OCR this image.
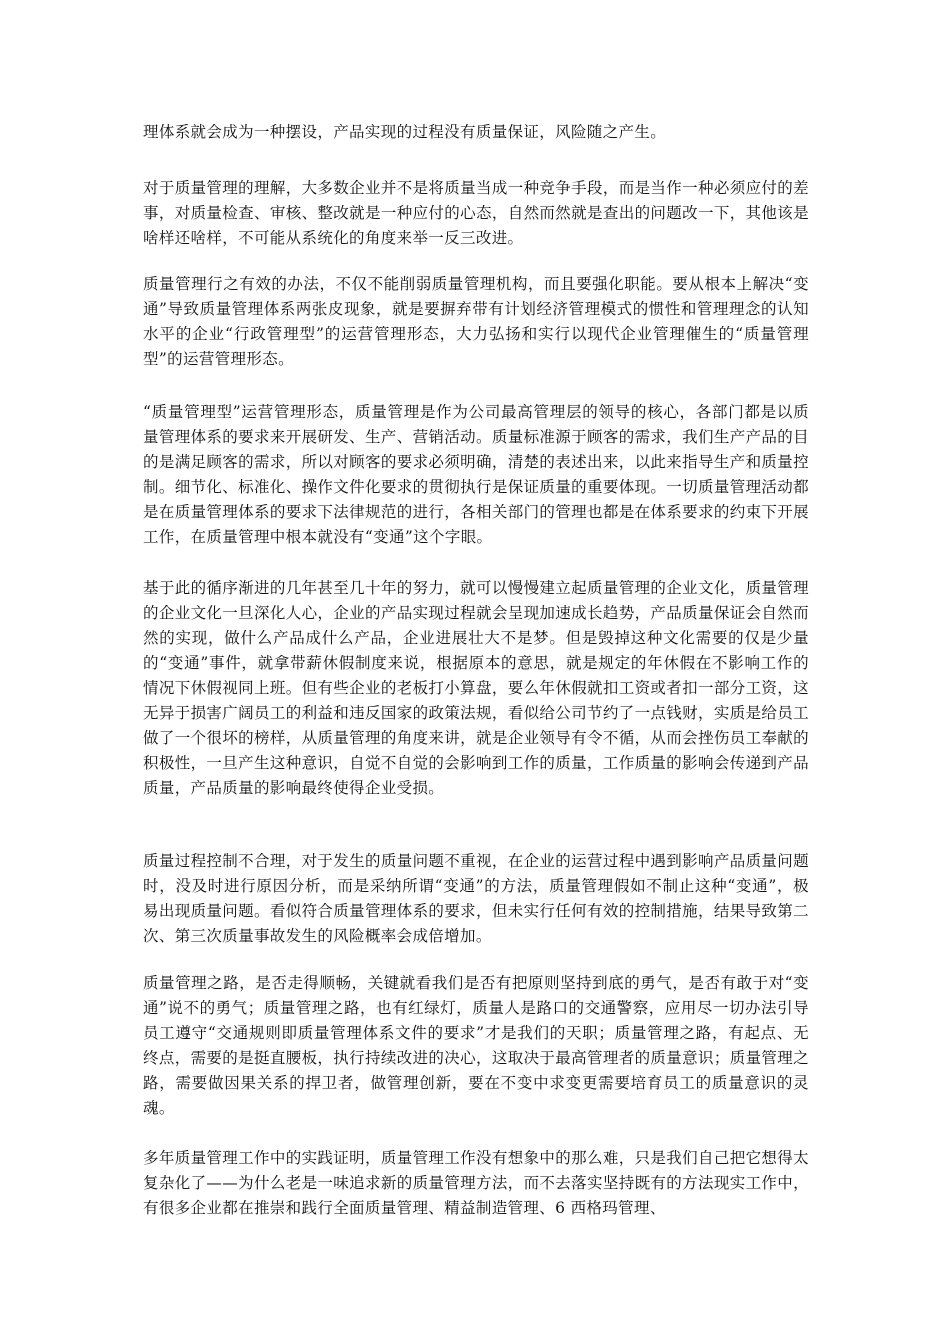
理体系就会成为一种摆设，产品实现的过程没有质量保证，风险随之产生。

对于质量管理的理解，大多数企业并不是将质量当成一种竞争手段，而是当作一种必须应付的差事，对质量检查、审核、整改就是一种应付的心态，自然而然就是查出的问题改一下，其他该是啥样还啥样，不可能从系统化的角度来举一反三改进。

质量管理行之有效的办法，不仅不能削弱质量管理机构，而且要强化职能。要从根本上解决“变通”导致质量管理体系两张皮现象，就是要摒弃带有计划经济管理模式的惯性和管理理念的认知水平的企业“行政管理型”的运营管理形态，大力弘扬和实行以现代企业管理催生的“质量管理型”的运营管理形态。

“质量管理型”运营管理形态，质量管理是作为公司最高管理层的领导的核心，各部门都是以质量管理体系的要求来开展研发、生产、营销活动。质量标准源于顾客的需求，我们生产产品的目的是满足顾客的需求，所以对顾客的要求必须明确，清楚的表述出来，以此来指导生产和质量控制。细节化、标准化、操作文件化要求的贯彻执行是保证质量的重要体现。一切质量管理活动都是在质量管理体系的要求下法律规范的进行，各相关部门的管理也都是在体系要求的约束下开展工作，在质量管理中根本就没有“变通”这个字眼。

基于此的循序渐进的几年甚至几十年的努力，就可以慢慢建立起质量管理的企业文化，质量管理的企业文化一旦深化人心，企业的产品实现过程就会呈现加速成长趋势，产品质量保证会自然而然的实现，做什么产品成什么产品，企业进展壮大不是梦。但是毁掉这种文化需要的仅是少量的“变通”事件，就拿带薪休假制度来说，根据原本的意思，就是规定的年休假在不影响工作的情况下休假视同上班。但有些企业的老板打小算盘，要么年休假就扣工资或者扣一部分工资，这无异于损害广阔员工的利益和违反国家的政策法规，看似给公司节约了一点钱财，实质是给员工做了一个很坏的榜样，从质量管理的角度来讲，就是企业领导有令不循，从而会挫伤员工奉献的积极性，一旦产生这种意识，自觉不自觉的会影响到工作的质量，工作质量的影响会传递到产品质量，产品质量的影响最终使得企业受损。

质量过程控制不合理，对于发生的质量问题不重视，在企业的运营过程中遇到影响产品质量问题时，没及时进行原因分析，而是采纳所谓“变通”的方法，质量管理假如不制止这种“变通”，极易出现质量问题。看似符合质量管理体系的要求，但未实行任何有效的控制措施，结果导致第二次、第三次质量事故发生的风险概率会成倍增加。

质量管理之路，是否走得顺畅，关键就看我们是否有把原则坚持到底的勇气，是否有敢于对“变通”说不的勇气；质量管理之路，也有红绿灯，质量人是路口的交通警察，应用尽一切办法引导员工遵守“交通规则即质量管理体系文件的要求”才是我们的天职；质量管理之路，有起点、无终点，需要的是挺直腰板，执行持续改进的决心，这取决于最高管理者的质量意识；质量管理之路，需要做因果关系的捍卫者，做管理创新，要在不变中求变更需要培育员工的质量意识的灵魂。

多年质量管理工作中的实践证明，质量管理工作没有想象中的那么难，只是我们自己把它想得太复杂化了——为什么老是一味追求新的质量管理方法，而不去落实坚持既有的方法现实工作中，有很多企业都在推崇和践行全面质量管理、精益制造管理、6 西格玛管理、
